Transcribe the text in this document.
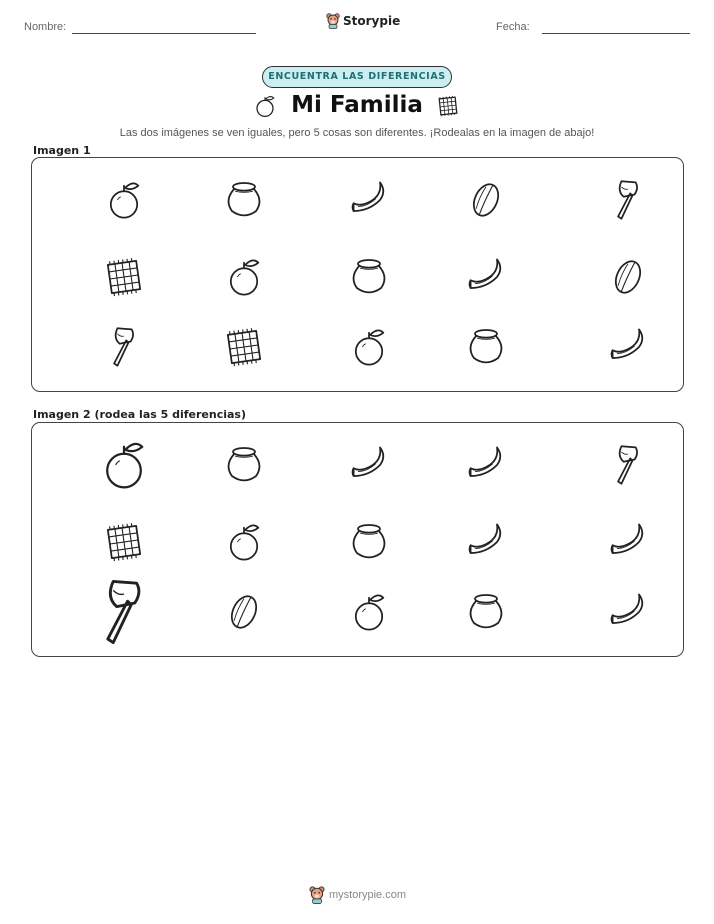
Nombre:	Storypie	Fecha:
ENCUENTRA LAS DIFERENCIAS
Mi Familia
Las dos imágenes se ven iguales, pero 5 cosas son diferentes. ¡Rodealas en la imagen de abajo!
Imagen 1
Imagen 2 (rodea las 5 diferencias)
mystorypie.com
